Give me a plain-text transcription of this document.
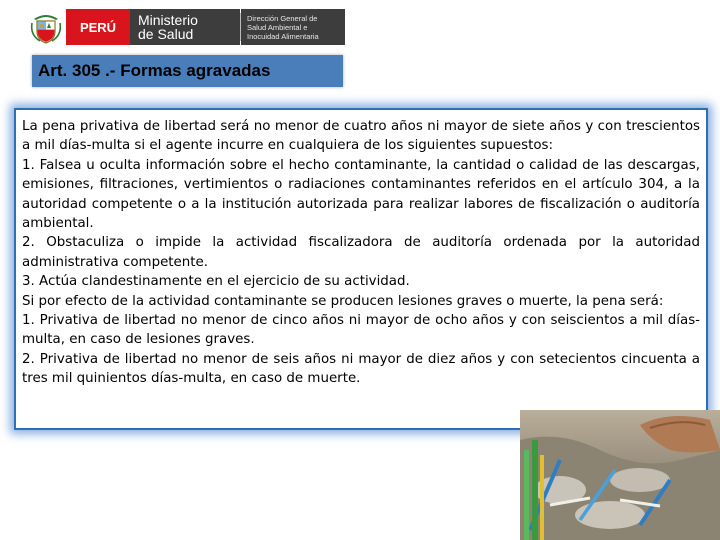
PERÚ	Ministerio
de Salud
Dirección General de
Salud Ambiental e
Inocuidad Alimentaria
Art. 305 .- Formas agravadas

La pena privativa de libertad será no menor de cuatro años ni mayor de siete años y con trescientos a mil días-multa si el agente incurre en cualquiera de los siguientes supuestos:

1. Falsea u oculta información sobre el hecho contaminante, la cantidad o calidad de las descargas, emisiones, filtraciones, vertimientos o radiaciones contaminantes referidos en el artículo 304, a la autoridad competente o a la institución autorizada para realizar labores de fiscalización o auditoría ambiental.

2. Obstaculiza o impide la actividad fiscalizadora de auditoría ordenada por la autoridad administrativa competente.

3. Actúa clandestinamente en el ejercicio de su actividad.

Si por efecto de la actividad contaminante se producen lesiones graves o muerte, la pena será:

1. Privativa de libertad no menor de cinco años ni mayor de ocho años y con seiscientos a mil días-multa, en caso de lesiones graves.

2. Privativa de libertad no menor de seis años ni mayor de diez años y con setecientos cincuenta a tres mil quinientos días-multa, en caso de muerte.
